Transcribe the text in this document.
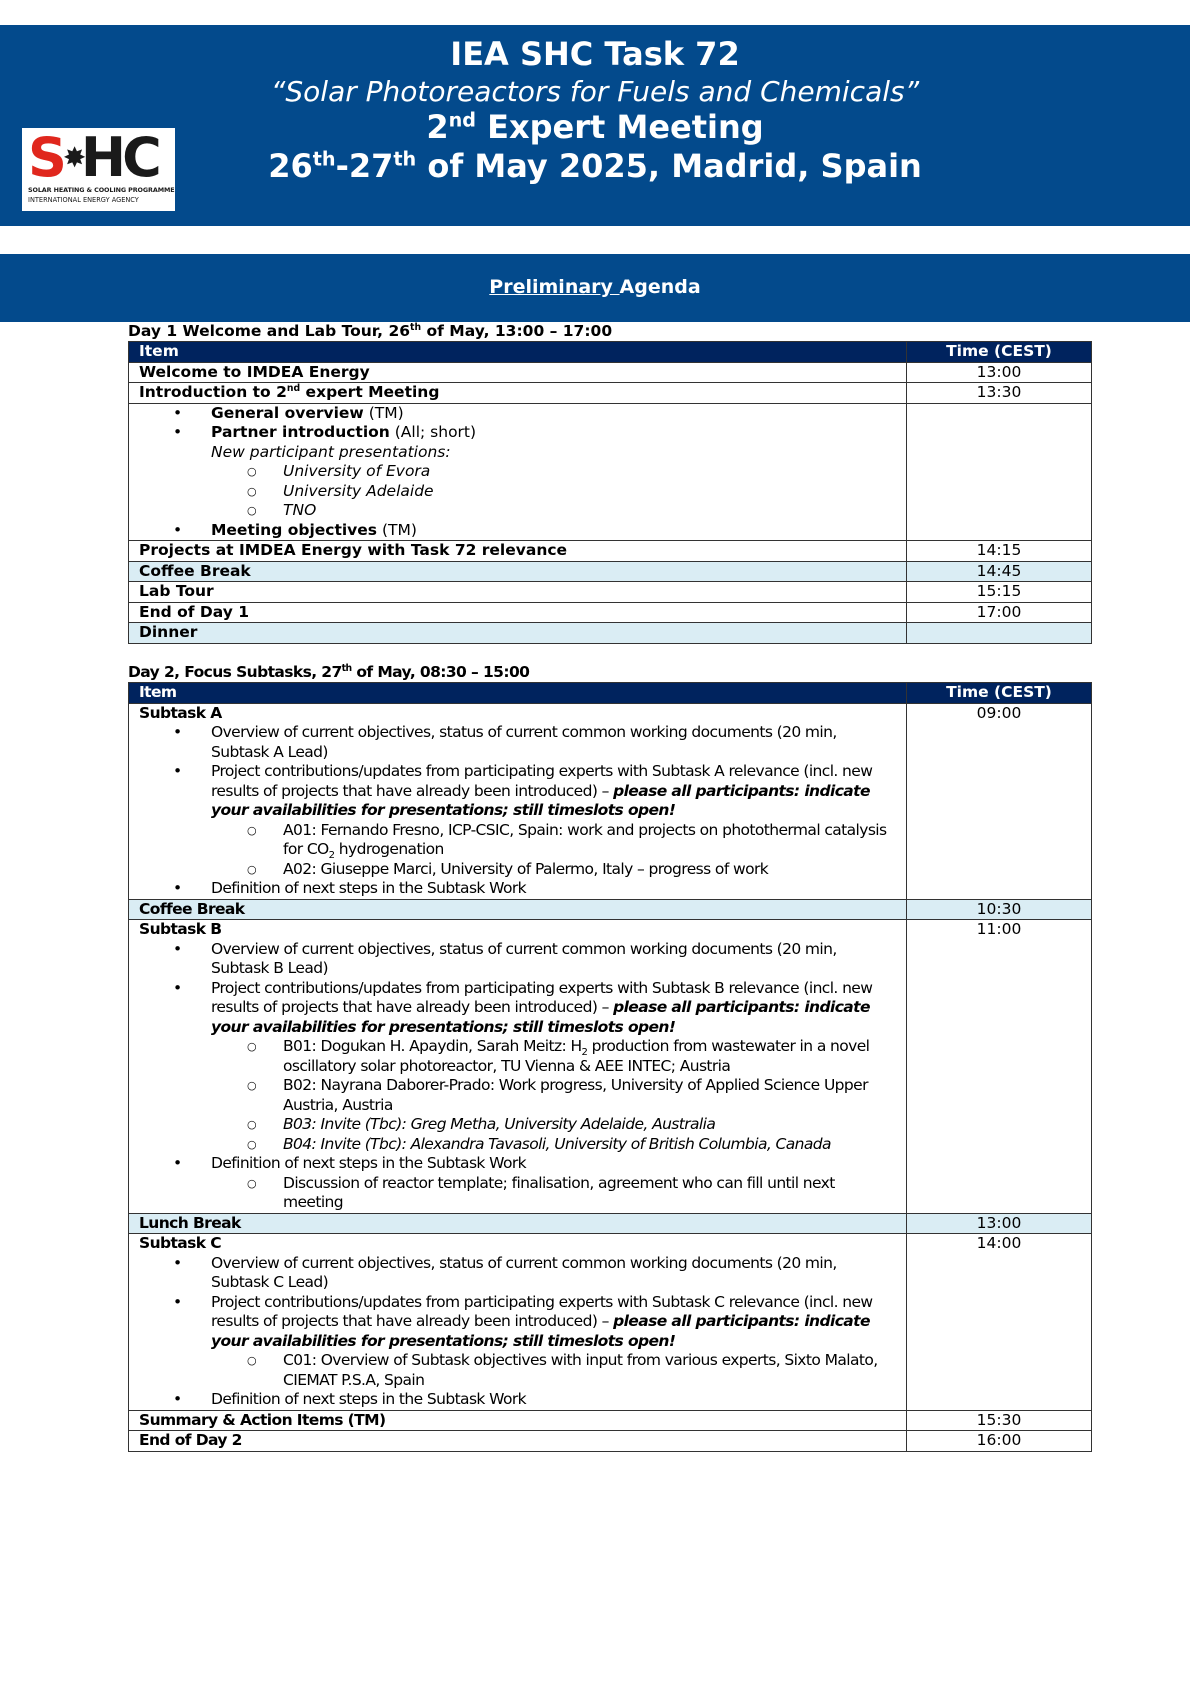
S ✸
HC
SOLAR HEATING & COOLING PROGRAMME
INTERNATIONAL ENERGY AGENCY
IEA SHC Task 72
“Solar Photoreactors for Fuels and Chemicals”
2nd Expert Meeting
26th-27th of May 2025, Madrid, Spain
Preliminary Agenda
Day 1 Welcome and Lab Tour, 26th of May, 13:00 – 17:00
Item	Time (CEST)
Welcome to IMDEA Energy	13:00
Introduction to 2nd expert Meeting	13:30

• General overview (TM)
• Partner introduction (All; short)
New participant presentations:
○ University of Evora
○ University Adelaide
○ TNO
• Meeting objectives (TM)

Projects at IMDEA Energy with Task 72 relevance	14:15
Coffee Break	14:45
Lab Tour	15:15
End of Day 1	17:00
Dinner	
Day 2, Focus Subtasks, 27th of May, 08:30 – 15:00
Item	Time (CEST)

Subtask A
• Overview of current objectives, status of current common working documents (20 min, Subtask A Lead)
• Project contributions/updates from participating experts with Subtask A relevance (incl. new results of projects that have already been introduced) – please all participants: indicate your availabilities for presentations; still timeslots open!
○ A01: Fernando Fresno, ICP-CSIC, Spain: work and projects on photothermal catalysis for $CO_2$ hydrogenation
○ A02: Giuseppe Marci, University of Palermo, Italy – progress of work
• Definition of next steps in the Subtask Work
	09:00
Coffee Break	10:30

Subtask B
• Overview of current objectives, status of current common working documents (20 min, Subtask B Lead)
• Project contributions/updates from participating experts with Subtask B relevance (incl. new results of projects that have already been introduced) – please all participants: indicate your availabilities for presentations; still timeslots open!
○ B01: Dogukan H. Apaydin, Sarah Meitz: $H_2$ production from wastewater in a novel oscillatory solar photoreactor, TU Vienna & AEE INTEC; Austria
○ B02: Nayrana Daborer-Prado: Work progress, University of Applied Science Upper Austria, Austria
○ B03: Invite (Tbc): Greg Metha, University Adelaide, Australia
○ B04: Invite (Tbc): Alexandra Tavasoli, University of British Columbia, Canada
• Definition of next steps in the Subtask Work
○ Discussion of reactor template; finalisation, agreement who can fill until next meeting
	11:00
Lunch Break	13:00

Subtask C
• Overview of current objectives, status of current common working documents (20 min, Subtask C Lead)
• Project contributions/updates from participating experts with Subtask C relevance (incl. new results of projects that have already been introduced) – please all participants: indicate your availabilities for presentations; still timeslots open!
○ C01: Overview of Subtask objectives with input from various experts, Sixto Malato, CIEMAT P.S.A, Spain
• Definition of next steps in the Subtask Work
	14:00
Summary & Action Items (TM)	15:30
End of Day 2	16:00
